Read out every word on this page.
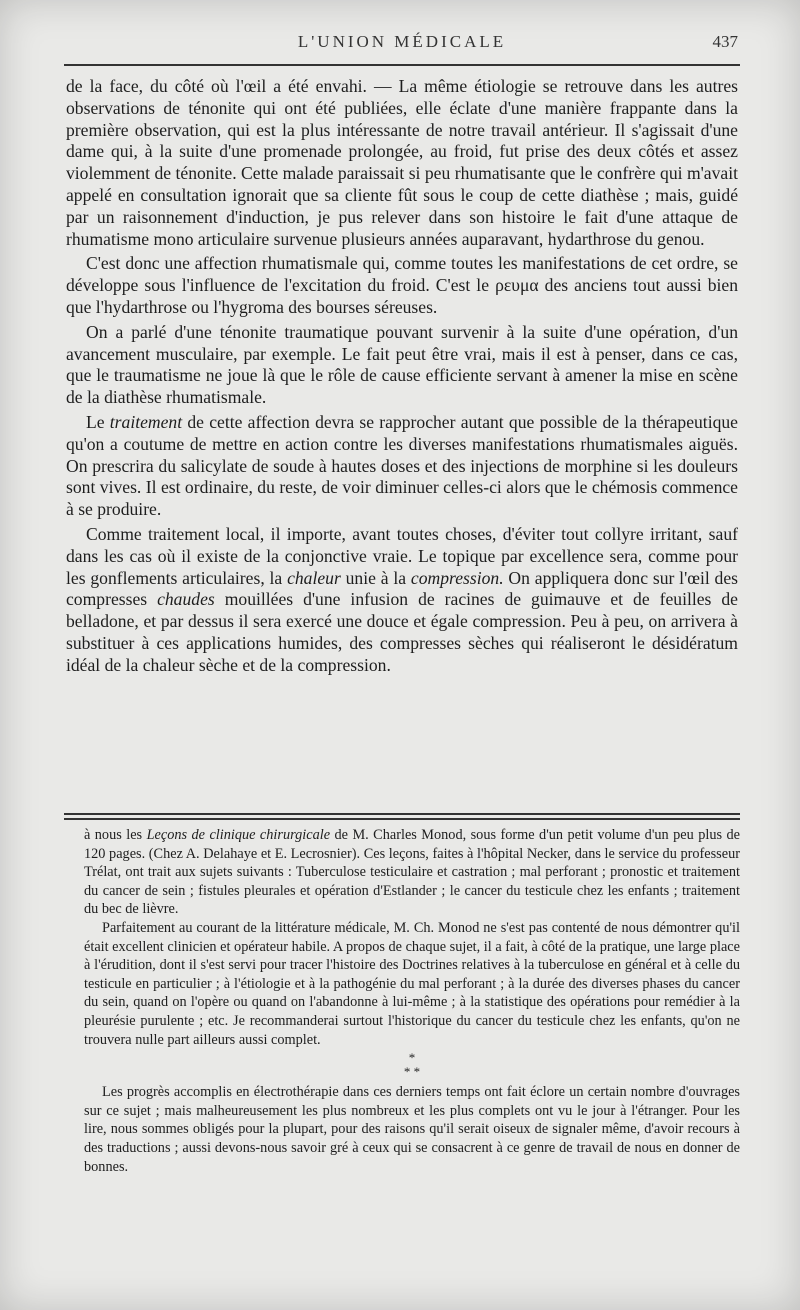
L'UNION MÉDICALE	437

de la face, du côté où l'œil a été envahi. — La même étiologie se retrouve dans les autres observations de ténonite qui ont été publiées, elle éclate d'une manière frappante dans la première observation, qui est la plus intéressante de notre travail antérieur. Il s'agissait d'une dame qui, à la suite d'une promenade prolongée, au froid, fut prise des deux côtés et assez violemment de ténonite. Cette malade paraissait si peu rhumatisante que le confrère qui m'avait appelé en consultation ignorait que sa cliente fût sous le coup de cette diathèse ; mais, guidé par un raisonnement d'induction, je pus relever dans son histoire le fait d'une attaque de rhumatisme mono articulaire survenue plusieurs années auparavant, hydarthrose du genou.

C'est donc une affection rhumatismale qui, comme toutes les manifestations de cet ordre, se développe sous l'influence de l'excitation du froid. C'est le ρευμα des anciens tout aussi bien que l'hydarthrose ou l'hygroma des bourses séreuses.

On a parlé d'une ténonite traumatique pouvant survenir à la suite d'une opération, d'un avancement musculaire, par exemple. Le fait peut être vrai, mais il est à penser, dans ce cas, que le traumatisme ne joue là que le rôle de cause efficiente servant à amener la mise en scène de la diathèse rhumatismale.

Le traitement de cette affection devra se rapprocher autant que possible de la thérapeutique qu'on a coutume de mettre en action contre les diverses manifestations rhumatismales aiguës. On prescrira du salicylate de soude à hautes doses et des injections de morphine si les douleurs sont vives. Il est ordinaire, du reste, de voir diminuer celles-ci alors que le chémosis commence à se produire.

Comme traitement local, il importe, avant toutes choses, d'éviter tout collyre irritant, sauf dans les cas où il existe de la conjonctive vraie. Le topique par excellence sera, comme pour les gonflements articulaires, la chaleur unie à la compression. On appliquera donc sur l'œil des compresses chaudes mouillées d'une infusion de racines de guimauve et de feuilles de belladone, et par dessus il sera exercé une douce et égale compression. Peu à peu, on arrivera à substituer à ces applications humides, des compresses sèches qui réaliseront le désidératum idéal de la chaleur sèche et de la compression.

à nous les Leçons de clinique chirurgicale de M. Charles Monod, sous forme d'un petit volume d'un peu plus de 120 pages. (Chez A. Delahaye et E. Lecrosnier). Ces leçons, faites à l'hôpital Necker, dans le service du professeur Trélat, ont trait aux sujets suivants : Tuberculose testiculaire et castration ; mal perforant ; pronostic et traitement du cancer de sein ; fistules pleurales et opération d'Estlander ; le cancer du testicule chez les enfants ; traitement du bec de lièvre.

Parfaitement au courant de la littérature médicale, M. Ch. Monod ne s'est pas contenté de nous démontrer qu'il était excellent clinicien et opérateur habile. A propos de chaque sujet, il a fait, à côté de la pratique, une large place à l'érudition, dont il s'est servi pour tracer l'histoire des Doctrines relatives à la tuberculose en général et à celle du testicule en particulier ; à l'étiologie et à la pathogénie du mal perforant ; à la durée des diverses phases du cancer du sein, quand on l'opère ou quand on l'abandonne à lui-même ; à la statistique des opérations pour remédier à la pleurésie purulente ; etc. Je recommanderai surtout l'historique du cancer du testicule chez les enfants, qu'on ne trouvera nulle part ailleurs aussi complet.

*
* *

Les progrès accomplis en électrothérapie dans ces derniers temps ont fait éclore un certain nombre d'ouvrages sur ce sujet ; mais malheureusement les plus nombreux et les plus complets ont vu le jour à l'étranger. Pour les lire, nous sommes obligés pour la plupart, pour des raisons qu'il serait oiseux de signaler même, d'avoir recours à des traductions ; aussi devons-nous savoir gré à ceux qui se consacrent à ce genre de travail de nous en donner de bonnes.
